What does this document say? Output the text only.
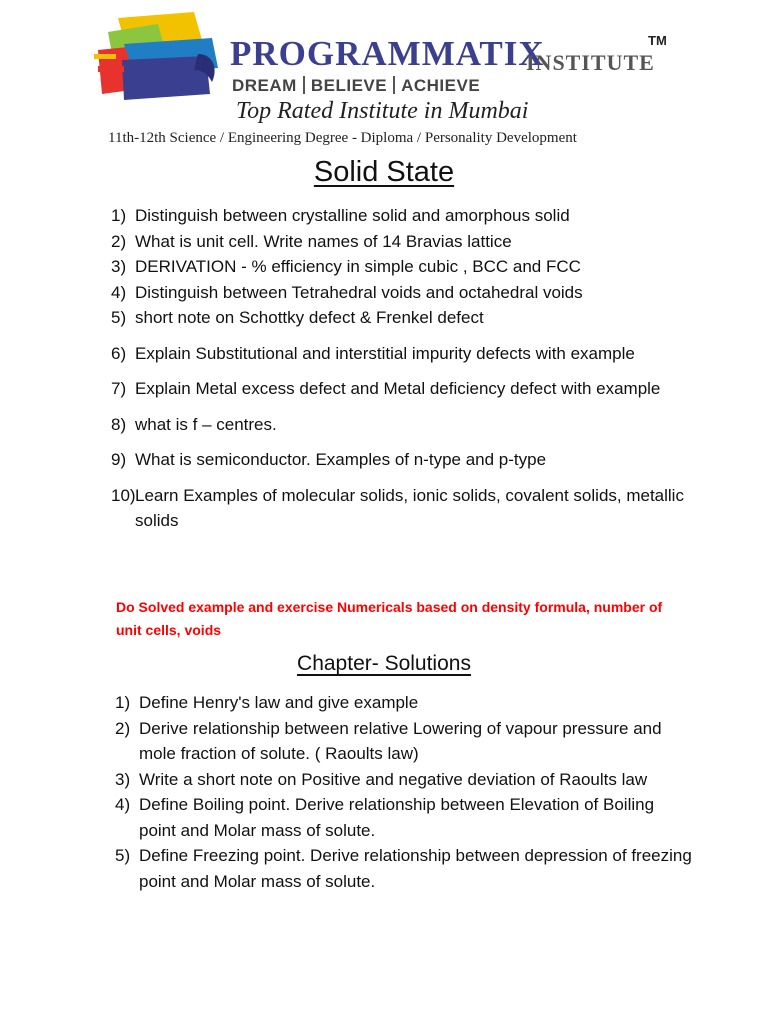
PROGRAMMATIX
INSTITUTE
TM
DREAM BELIEVE ACHIEVE
Top Rated Institute in Mumbai
11th-12th Science / Engineering Degree - Diploma / Personality Development
Solid State
1) Distinguish between crystalline solid and amorphous solid
2) What is unit cell. Write names of 14 Bravias lattice
3) DERIVATION - % efficiency in simple cubic , BCC and FCC
4) Distinguish between Tetrahedral voids and octahedral voids
5) short note on Schottky defect & Frenkel defect
6) Explain Substitutional and interstitial impurity defects with example
7) Explain Metal excess defect and Metal deficiency defect with example
8) what is f – centres.
9) What is semiconductor. Examples of n-type and p-type
10) Learn Examples of molecular solids, ionic solids, covalent solids, metallic solids
Do Solved example and exercise Numericals based on density formula, number of unit cells, voids
Chapter- Solutions
1) Define Henry's law and give example
2) Derive relationship between relative Lowering of vapour pressure and mole fraction of solute. ( Raoults law)
3) Write a short note on Positive and negative deviation of Raoults law
4) Define Boiling point. Derive relationship between Elevation of Boiling point and Molar mass of solute.
5) Define Freezing point. Derive relationship between depression of freezing point and Molar mass of solute.
